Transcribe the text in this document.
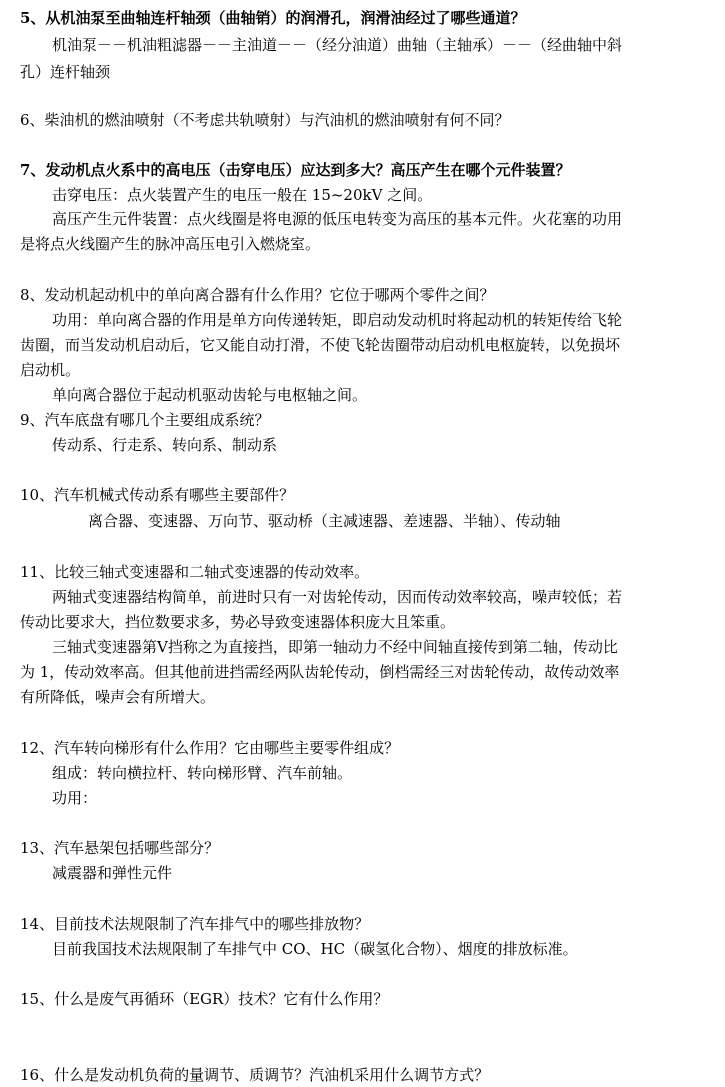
5、从机油泵至曲轴连杆轴颈（曲轴销）的润滑孔，润滑油经过了哪些通道？
机油泵－－机油粗滤器－－主油道－－（经分油道）曲轴（主轴承）－－（经曲轴中斜
孔）连杆轴颈
6、柴油机的燃油喷射（不考虑共轨喷射）与汽油机的燃油喷射有何不同？
7、发动机点火系中的高电压（击穿电压）应达到多大？高压产生在哪个元件装置？
击穿电压：点火装置产生的电压一般在 15~20kV 之间。
高压产生元件装置：点火线圈是将电源的低压电转变为高压的基本元件。火花塞的功用
是将点火线圈产生的脉冲高压电引入燃烧室。
8、发动机起动机中的单向离合器有什么作用？它位于哪两个零件之间？
功用：单向离合器的作用是单方向传递转矩，即启动发动机时将起动机的转矩传给飞轮
齿圈，而当发动机启动后，它又能自动打滑，不使飞轮齿圈带动启动机电枢旋转，以免损坏
启动机。
单向离合器位于起动机驱动齿轮与电枢轴之间。
9、汽车底盘有哪几个主要组成系统？
传动系、行走系、转向系、制动系
10、汽车机械式传动系有哪些主要部件？
离合器、变速器、万向节、驱动桥（主减速器、差速器、半轴）、传动轴
11、比较三轴式变速器和二轴式变速器的传动效率。
两轴式变速器结构简单，前进时只有一对齿轮传动，因而传动效率较高，噪声较低；若
传动比要求大，挡位数要求多，势必导致变速器体积庞大且笨重。
三轴式变速器第Ⅴ挡称之为直接挡，即第一轴动力不经中间轴直接传到第二轴，传动比
为 1，传动效率高。但其他前进挡需经两队齿轮传动，倒档需经三对齿轮传动，故传动效率
有所降低，噪声会有所增大。
12、汽车转向梯形有什么作用？它由哪些主要零件组成？
组成：转向横拉杆、转向梯形臂、汽车前轴。
功用：
13、汽车悬架包括哪些部分？
减震器和弹性元件
14、目前技术法规限制了汽车排气中的哪些排放物？
目前我国技术法规限制了车排气中 CO、HC（碳氢化合物）、烟度的排放标准。
15、什么是废气再循环（EGR）技术？它有什么作用？
16、什么是发动机负荷的量调节、质调节？汽油机采用什么调节方式？
